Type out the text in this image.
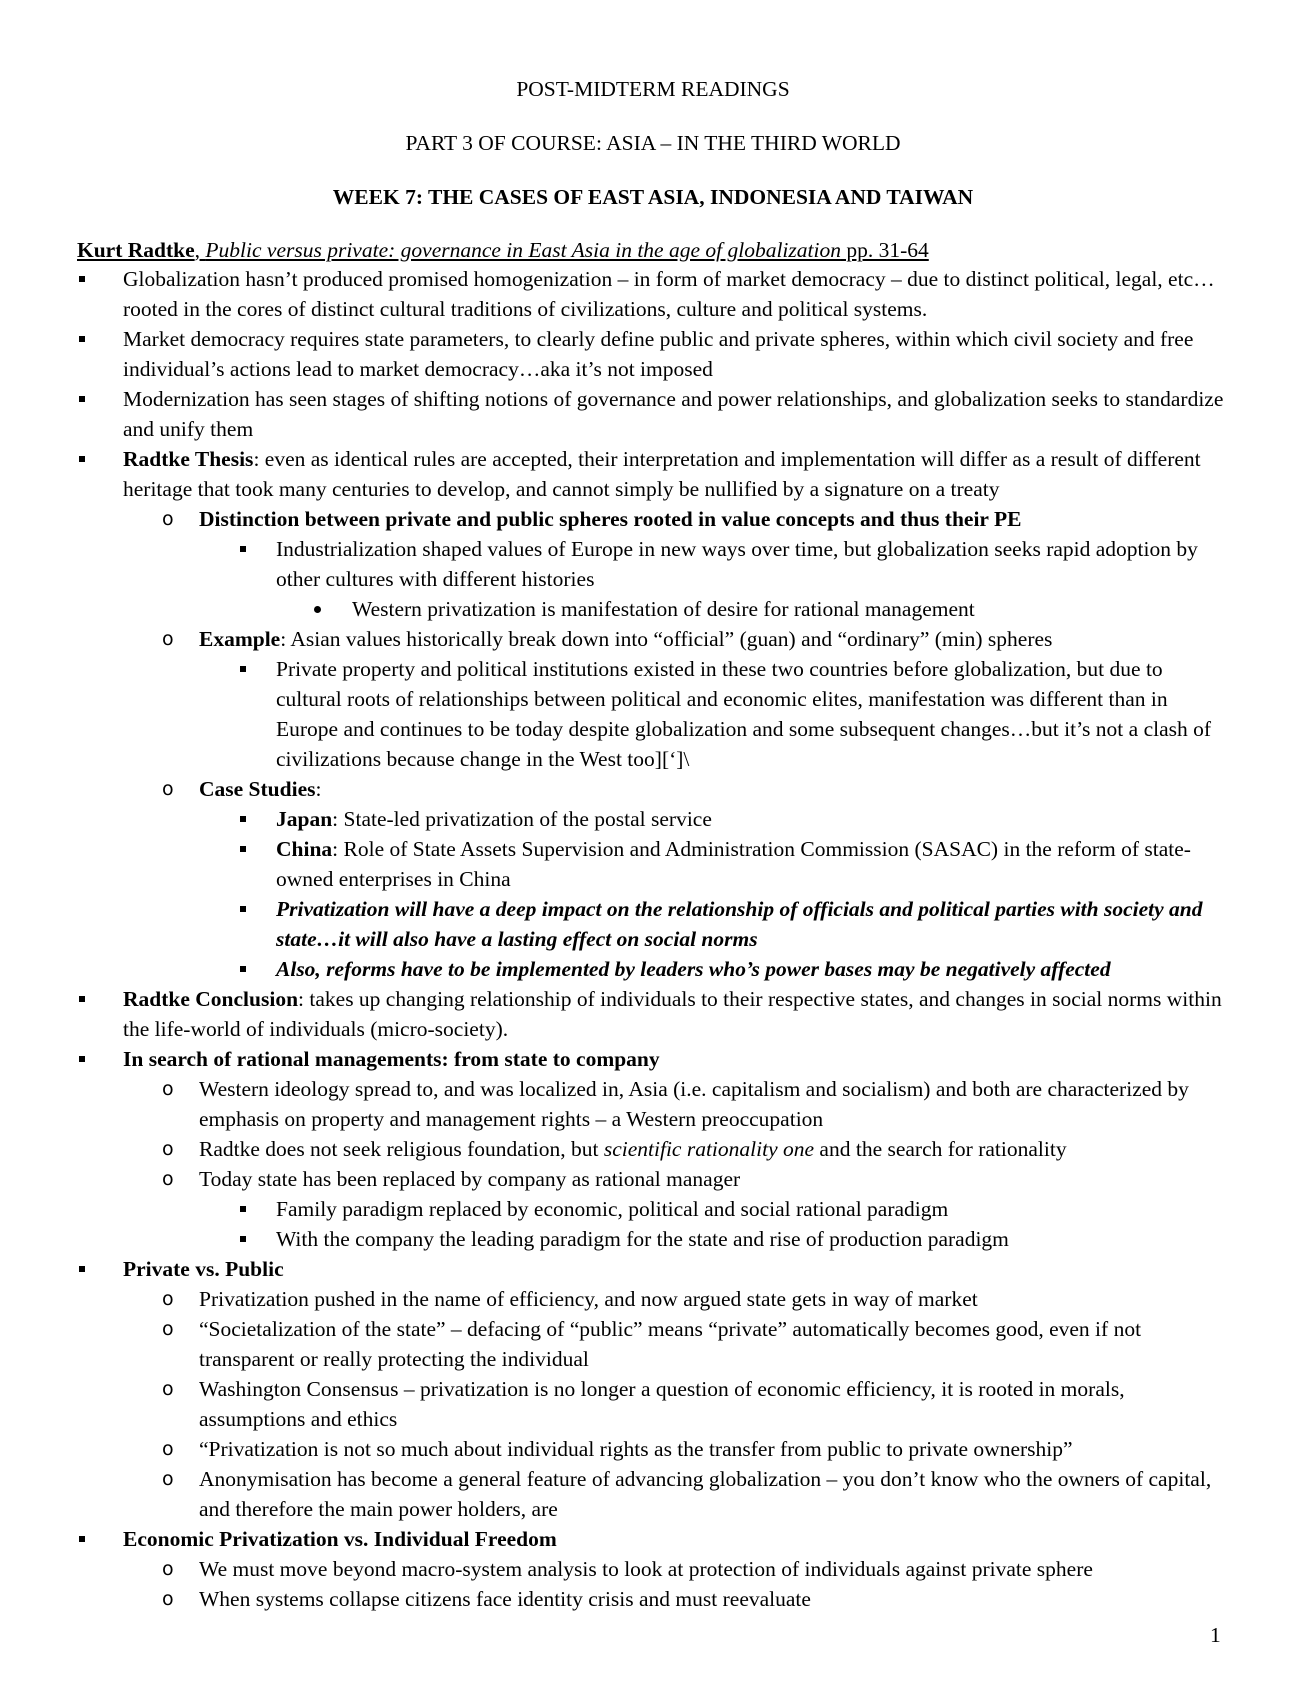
POST-MIDTERM READINGS
PART 3 OF COURSE: ASIA – IN THE THIRD WORLD
WEEK 7: THE CASES OF EAST ASIA, INDONESIA AND TAIWAN

Kurt Radtke, Public versus private: governance in East Asia in the age of globalization pp. 31-64

Globalization hasn’t produced promised homogenization – in form of market democracy – due to distinct political, legal, etc… rooted in the cores of distinct cultural traditions of civilizations, culture and political systems.
Market democracy requires state parameters, to clearly define public and private spheres, within which civil society and free individual’s actions lead to market democracy…aka it’s not imposed
Modernization has seen stages of shifting notions of governance and power relationships, and globalization seeks to standardize and unify them
Radtke Thesis: even as identical rules are accepted, their interpretation and implementation will differ as a result of different heritage that took many centuries to develop, and cannot simply be nullified by a signature on a treaty
o Distinction between private and public spheres rooted in value concepts and thus their PE
Industrialization shaped values of Europe in new ways over time, but globalization seeks rapid adoption by other cultures with different histories
Western privatization is manifestation of desire for rational management
o Example: Asian values historically break down into “official” (guan) and “ordinary” (min) spheres
Private property and political institutions existed in these two countries before globalization, but due to cultural roots of relationships between political and economic elites, manifestation was different than in Europe and continues to be today despite globalization and some subsequent changes…but it’s not a clash of civilizations because change in the West too][‘]\
o Case Studies:
Japan: State-led privatization of the postal service
China: Role of State Assets Supervision and Administration Commission (SASAC) in the reform of state-owned enterprises in China
Privatization will have a deep impact on the relationship of officials and political parties with society and state…it will also have a lasting effect on social norms
Also, reforms have to be implemented by leaders who’s power bases may be negatively affected
Radtke Conclusion: takes up changing relationship of individuals to their respective states, and changes in social norms within the life-world of individuals (micro-society).
In search of rational managements: from state to company
o Western ideology spread to, and was localized in, Asia (i.e. capitalism and socialism) and both are characterized by emphasis on property and management rights – a Western preoccupation
o Radtke does not seek religious foundation, but scientific rationality one and the search for rationality
o Today state has been replaced by company as rational manager
Family paradigm replaced by economic, political and social rational paradigm
With the company the leading paradigm for the state and rise of production paradigm
Private vs. Public
o Privatization pushed in the name of efficiency, and now argued state gets in way of market
o “Societalization of the state” – defacing of “public” means “private” automatically becomes good, even if not transparent or really protecting the individual
o Washington Consensus – privatization is no longer a question of economic efficiency, it is rooted in morals, assumptions and ethics
o “Privatization is not so much about individual rights as the transfer from public to private ownership”
o Anonymisation has become a general feature of advancing globalization – you don’t know who the owners of capital, and therefore the main power holders, are
Economic Privatization vs. Individual Freedom
o We must move beyond macro-system analysis to look at protection of individuals against private sphere
o When systems collapse citizens face identity crisis and must reevaluate
1
